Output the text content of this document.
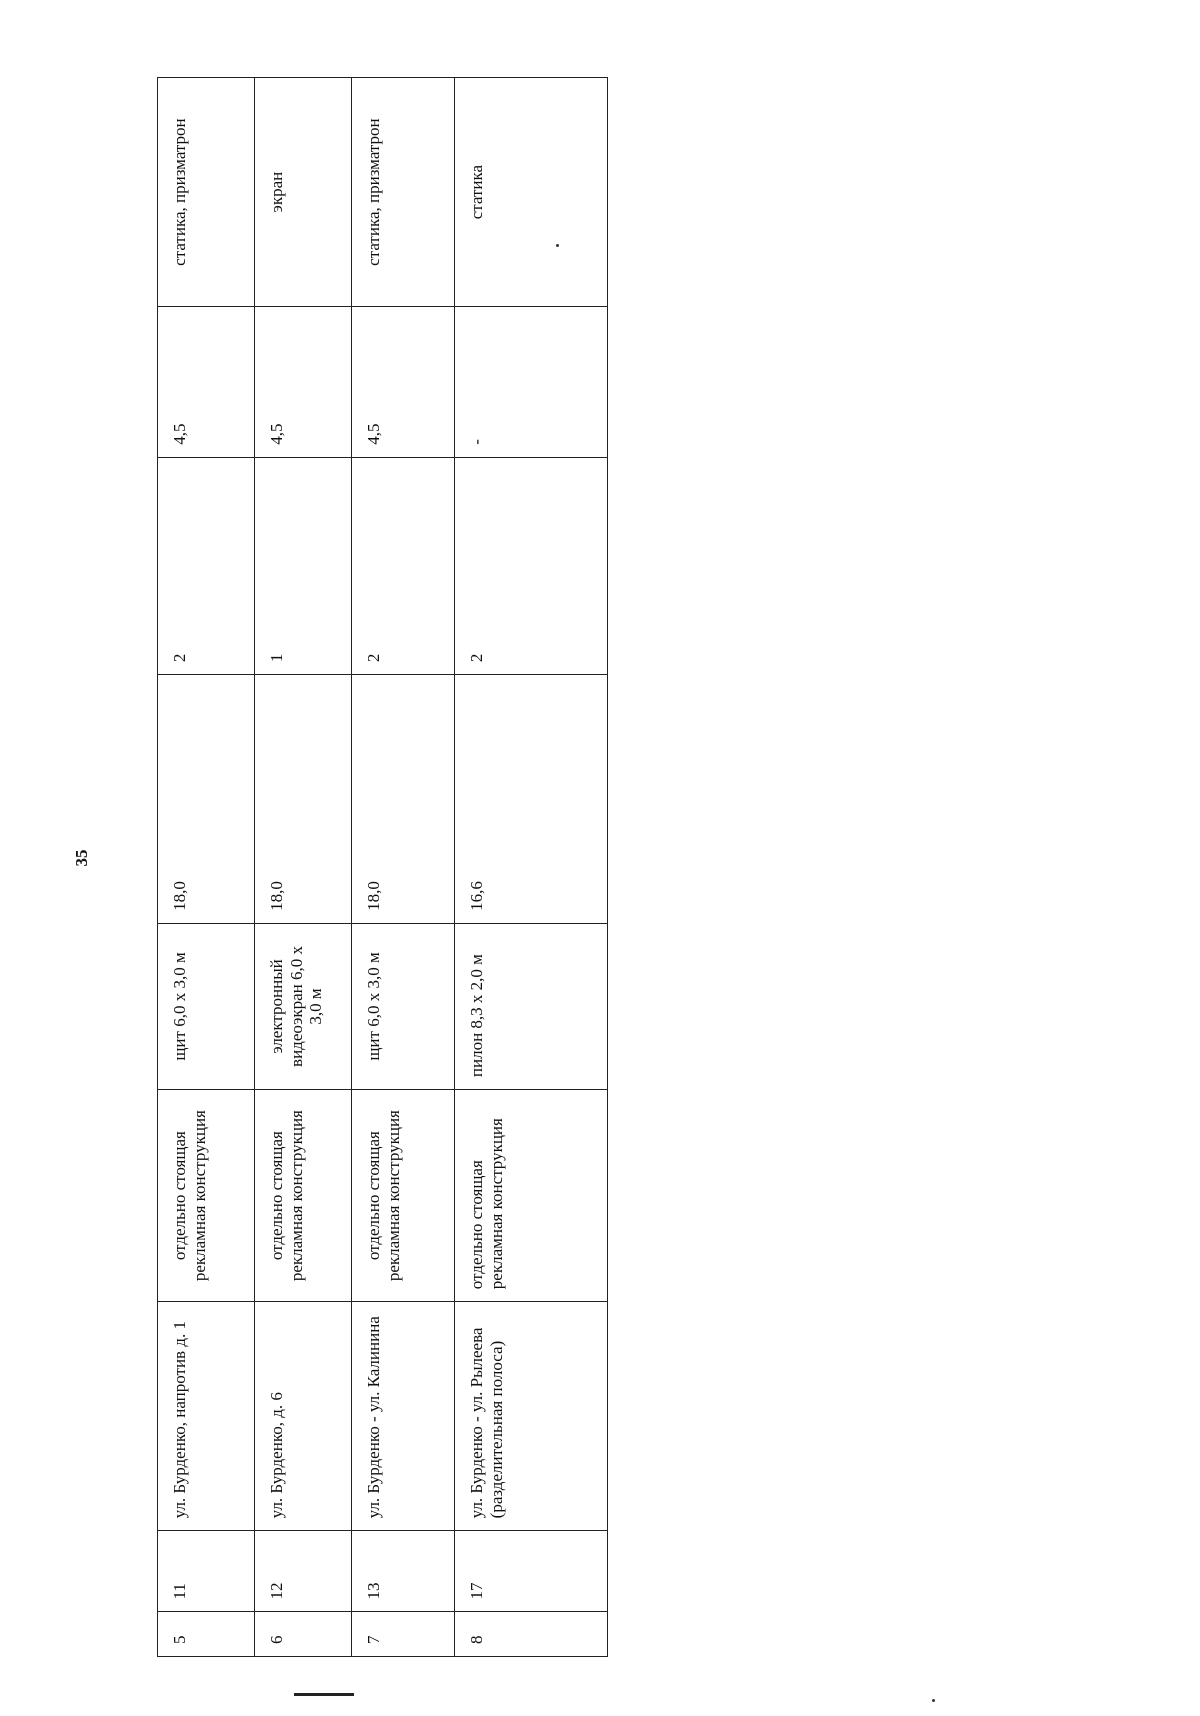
35
5	11	ул. Бурденко, напротив д. 1	отдельно стоящая рекламная конструкция	щит 6,0 х 3,0 м	18,0	2	4,5	статика, призматрон
6	12	ул. Бурденко, д. 6	отдельно стоящая рекламная конструкция	электронный видеоэкран 6,0 х 3,0 м	18,0	1	4,5	экран
7	13	ул. Бурденко - ул. Калинина	отдельно стоящая рекламная конструкция	щит 6,0 х 3,0 м	18,0	2	4,5	статика, призматрон
8	17	ул. Бурденко - ул. Рылеева (разделительная полоса)	отдельно стоящая рекламная конструкция	пилон 8,3 х 2,0 м	16,6	2	-	статика
